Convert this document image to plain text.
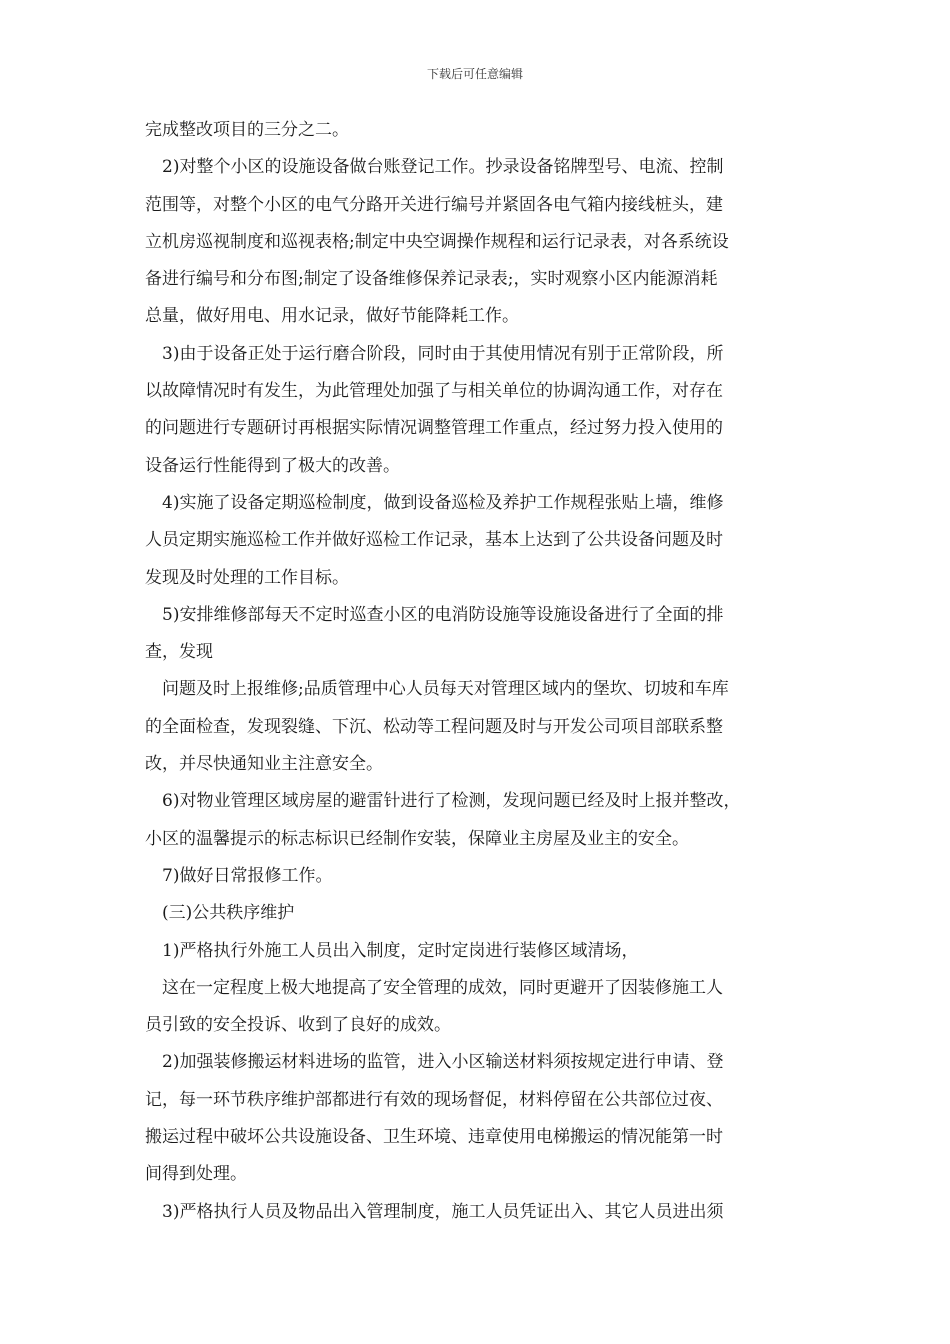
下载后可任意编辑
完成整改项目的三分之二。
2)对整个小区的设施设备做台账登记工作。抄录设备铭牌型号、电流、控制
范围等，对整个小区的电气分路开关进行编号并紧固各电气箱内接线桩头，建
立机房巡视制度和巡视表格;制定中央空调操作规程和运行记录表，对各系统设
备进行编号和分布图;制定了设备维修保养记录表;，实时观察小区内能源消耗
总量，做好用电、用水记录，做好节能降耗工作。
3)由于设备正处于运行磨合阶段，同时由于其使用情况有别于正常阶段，所
以故障情况时有发生，为此管理处加强了与相关单位的协调沟通工作，对存在
的问题进行专题研讨再根据实际情况调整管理工作重点，经过努力投入使用的
设备运行性能得到了极大的改善。
4)实施了设备定期巡检制度，做到设备巡检及养护工作规程张贴上墙，维修
人员定期实施巡检工作并做好巡检工作记录，基本上达到了公共设备问题及时
发现及时处理的工作目标。
5)安排维修部每天不定时巡查小区的电消防设施等设施设备进行了全面的排
查，发现
问题及时上报维修;品质管理中心人员每天对管理区域内的堡坎、切坡和车库
的全面检查，发现裂缝、下沉、松动等工程问题及时与开发公司项目部联系整
改，并尽快通知业主注意安全。
6)对物业管理区域房屋的避雷针进行了检测，发现问题已经及时上报并整改，
小区的温馨提示的标志标识已经制作安装，保障业主房屋及业主的安全。
7)做好日常报修工作。
(三)公共秩序维护
1)严格执行外施工人员出入制度，定时定岗进行装修区域清场，
这在一定程度上极大地提高了安全管理的成效，同时更避开了因装修施工人
员引致的安全投诉、收到了良好的成效。
2)加强装修搬运材料进场的监管，进入小区输送材料须按规定进行申请、登
记，每一环节秩序维护部都进行有效的现场督促，材料停留在公共部位过夜、
搬运过程中破坏公共设施设备、卫生环境、违章使用电梯搬运的情况能第一时
间得到处理。
3)严格执行人员及物品出入管理制度，施工人员凭证出入、其它人员进出须
